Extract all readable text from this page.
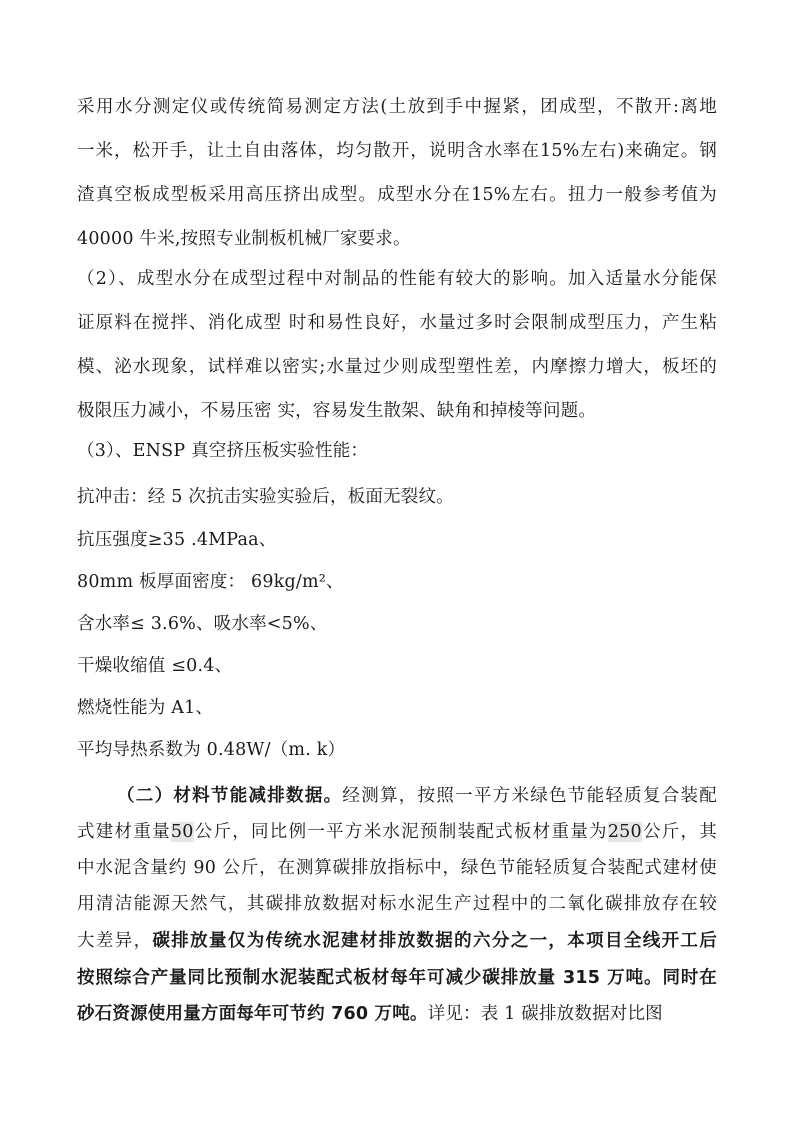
采用水分测定仪或传统简易测定方法(土放到手中握紧，团成型，不散开:离地
一米，松开手，让土自由落体，均匀散开，说明含水率在15%左右)来确定。钢
渣真空板成型板采用高压挤出成型。成型水分在15%左右。扭力一般参考值为
40000 牛米,按照专业制板机械厂家要求。
（2）、成型水分在成型过程中对制品的性能有较大的影响。加入适量水分能保
证原料在搅拌、消化成型 时和易性良好，水量过多时会限制成型压力，产生粘
模、泌水现象，试样难以密实;水量过少则成型塑性差，内摩擦力增大，板坯的
极限压力减小，不易压密 实，容易发生散架、缺角和掉棱等问题。
（3）、ENSP 真空挤压板实验性能：
抗冲击：经 5 次抗击实验实验后，板面无裂纹。
抗压强度≥35 .4MPaa、
80mm 板厚面密度： 69kg/m²、
含水率≤ 3.6%、吸水率<5%、
干燥收缩值 ≤0.4、
燃烧性能为 A1、
平均导热系数为 0.48W/（m. k）
（二）材料节能减排数据。经测算，按照一平方米绿色节能轻质复合装配
式建材重量50公斤，同比例一平方米水泥预制装配式板材重量为250公斤，其
中水泥含量约 90 公斤，在测算碳排放指标中，绿色节能轻质复合装配式建材使
用清洁能源天然气，其碳排放数据对标水泥生产过程中的二氧化碳排放存在较
大差异，碳排放量仅为传统水泥建材排放数据的六分之一，本项目全线开工后
按照综合产量同比预制水泥装配式板材每年可减少碳排放量 315 万吨。同时在
砂石资源使用量方面每年可节约 760 万吨。详见：表 1 碳排放数据对比图
